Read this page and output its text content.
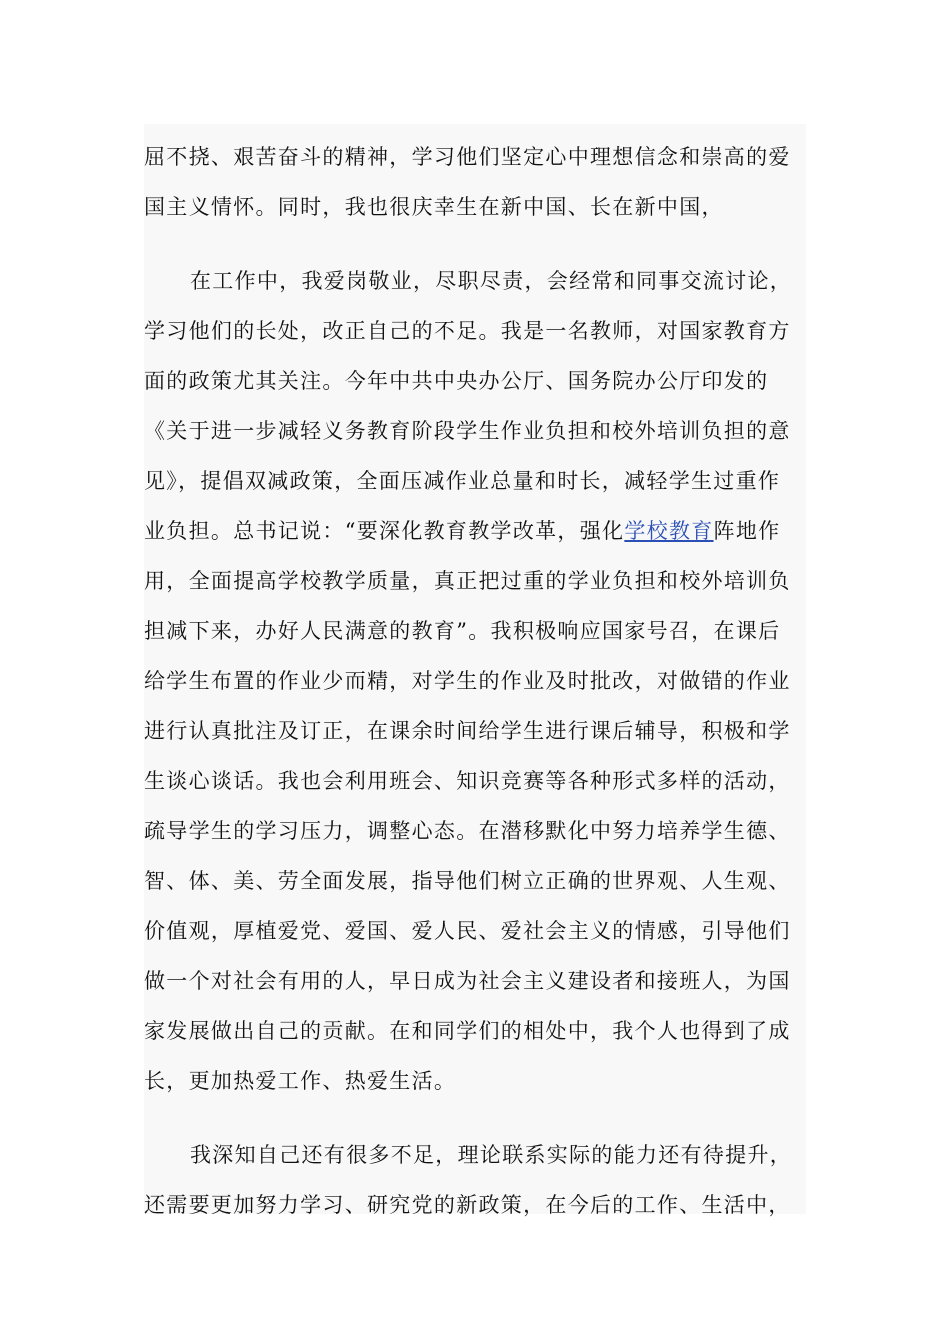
屈不挠、艰苦奋斗的精神，学习他们坚定心中理想信念和崇高的爱
国主义情怀。同时，我也很庆幸生在新中国、长在新中国，
在工作中，我爱岗敬业，尽职尽责，会经常和同事交流讨论，
学习他们的长处，改正自己的不足。我是一名教师，对国家教育方
面的政策尤其关注。今年中共中央办公厅、国务院办公厅印发的
《关于进一步减轻义务教育阶段学生作业负担和校外培训负担的意
见》，提倡双减政策，全面压减作业总量和时长，减轻学生过重作
业负担。总书记说：“要深化教育教学改革，强化学校教育阵地作
用，全面提高学校教学质量，真正把过重的学业负担和校外培训负
担减下来，办好人民满意的教育”。我积极响应国家号召，在课后
给学生布置的作业少而精，对学生的作业及时批改，对做错的作业
进行认真批注及订正，在课余时间给学生进行课后辅导，积极和学
生谈心谈话。我也会利用班会、知识竞赛等各种形式多样的活动，
疏导学生的学习压力，调整心态。在潜移默化中努力培养学生德、
智、体、美、劳全面发展，指导他们树立正确的世界观、人生观、
价值观，厚植爱党、爱国、爱人民、爱社会主义的情感，引导他们
做一个对社会有用的人，早日成为社会主义建设者和接班人，为国
家发展做出自己的贡献。在和同学们的相处中，我个人也得到了成
长，更加热爱工作、热爱生活。
我深知自己还有很多不足，理论联系实际的能力还有待提升，
还需要更加努力学习、研究党的新政策，在今后的工作、生活中，
